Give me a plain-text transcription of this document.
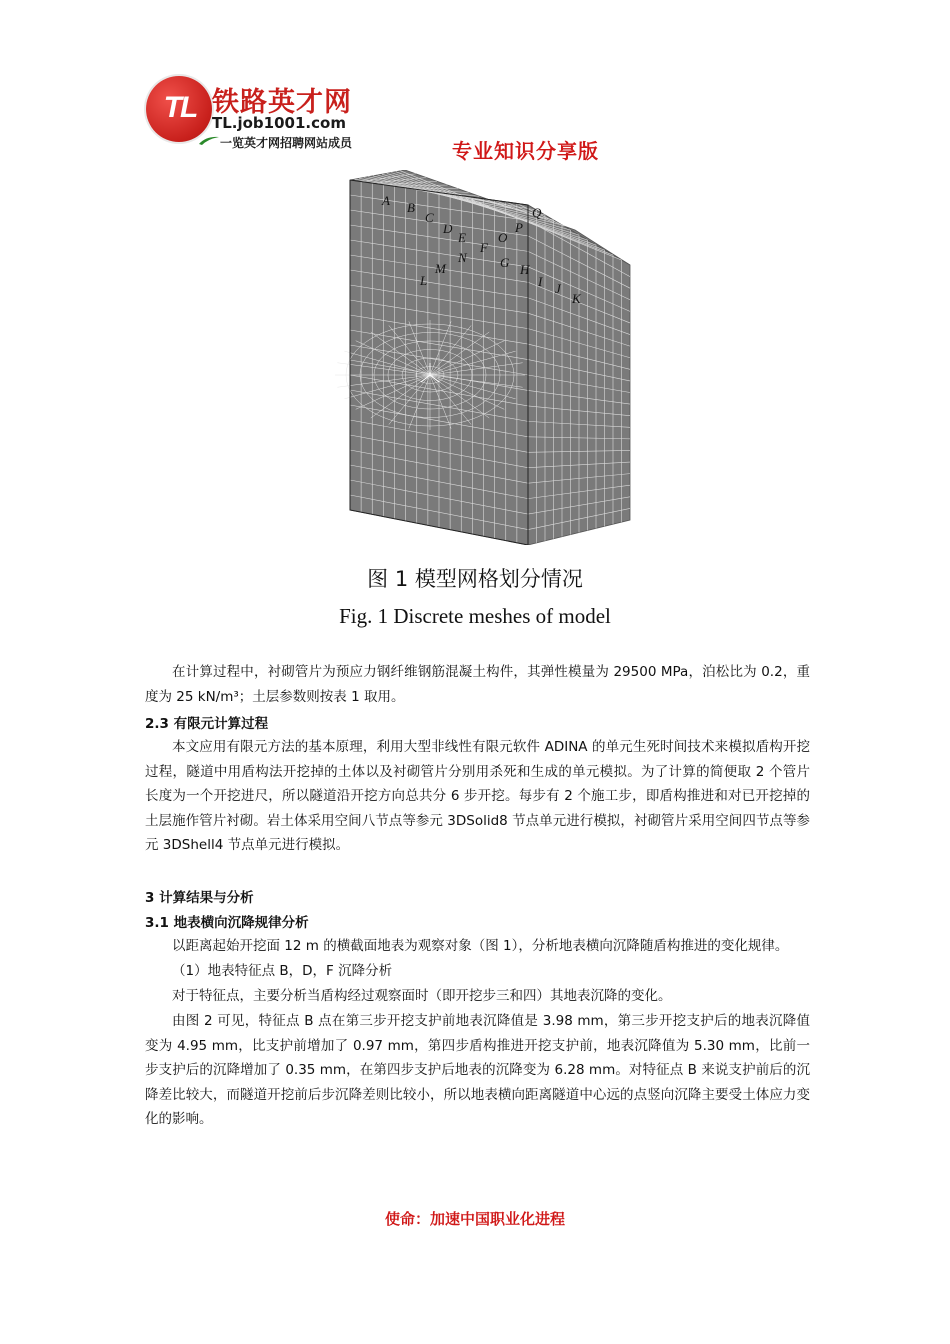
TL 铁路英才网
TL.job1001.com
一览英才网招聘网站成员	专业知识分享版
A B
C
D
E O
P
Q
N
F
G
L
M	H
I J
K
图 1 模型网格划分情况
Fig. 1 Discrete meshes of model
在计算过程中，衬砌管片为预应力钢纤维钢筋混凝土构件，其弹性模量为 29500 MPa，泊松比为 0.2，重度为 25 kN/m³；土层参数则按表 1 取用。
2.3 有限元计算过程
本文应用有限元方法的基本原理，利用大型非线性有限元软件 ADINA 的单元生死时间技术来模拟盾构开挖过程，隧道中用盾构法开挖掉的土体以及衬砌管片分别用杀死和生成的单元模拟。为了计算的简便取 2 个管片长度为一个开挖进尺，所以隧道沿开挖方向总共分 6 步开挖。每步有 2 个施工步，即盾构推进和对已开挖掉的土层施作管片衬砌。岩土体采用空间八节点等参元 3DSolid8 节点单元进行模拟，衬砌管片采用空间四节点等参元 3DShell4 节点单元进行模拟。
3 计算结果与分析
3.1 地表横向沉降规律分析
以距离起始开挖面 12 m 的横截面地表为观察对象（图 1），分析地表横向沉降随盾构推进的变化规律。
（1）地表特征点 B，D，F 沉降分析
对于特征点，主要分析当盾构经过观察面时（即开挖步三和四）其地表沉降的变化。
由图 2 可见，特征点 B 点在第三步开挖支护前地表沉降值是 3.98 mm，第三步开挖支护后的地表沉降值变为 4.95 mm，比支护前增加了 0.97 mm，第四步盾构推进开挖支护前，地表沉降值为 5.30 mm，比前一步支护后的沉降增加了 0.35 mm，在第四步支护后地表的沉降变为 6.28 mm。对特征点 B 来说支护前后的沉降差比较大，而隧道开挖前后步沉降差则比较小，所以地表横向距离隧道中心远的点竖向沉降主要受土体应力变化的影响。
使命：加速中国职业化进程
